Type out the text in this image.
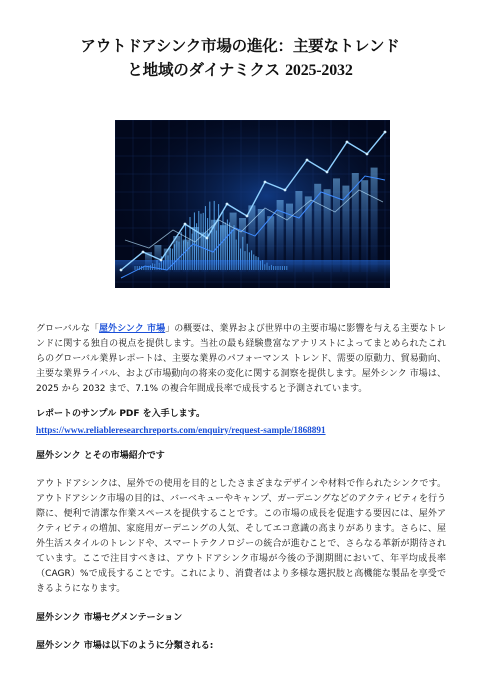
アウトドアシンク市場の進化：主要なトレンド
と地域のダイナミクス 2025-2032

グローバルな「屋外シンク 市場」の概要は、業界および世界中の主要市場に影響を与える主要なトレンドに関する独自の視点を提供します。当社の最も経験豊富なアナリストによってまとめられたこれらのグローバル業界レポートは、主要な業界のパフォーマンス トレンド、需要の原動力、貿易動向、主要な業界ライバル、および市場動向の将来の変化に関する洞察を提供します。屋外シンク 市場は、2025 から 2032 まで、7.1% の複合年間成長率で成長すると予測されています。

レポートのサンプル PDF を入手します。

https://www.reliableresearchreports.com/enquiry/request-sample/1868891

屋外シンク とその市場紹介です

アウトドアシンクは、屋外での使用を目的としたさまざまなデザインや材料で作られたシンクです。アウトドアシンク市場の目的は、バーベキューやキャンプ、ガーデニングなどのアクティビティを行う際に、便利で清潔な作業スペースを提供することです。この市場の成長を促進する要因には、屋外アクティビティの増加、家庭用ガーデニングの人気、そしてエコ意識の高まりがあります。さらに、屋外生活スタイルのトレンドや、スマートテクノロジーの統合が進むことで、さらなる革新が期待されています。ここで注目すべきは、アウトドアシンク市場が今後の予測期間において、年平均成長率（CAGR）%で成長することです。これにより、消費者はより多様な選択肢と高機能な製品を享受できるようになります。

屋外シンク 市場セグメンテーション

屋外シンク 市場は以下のように分類される:
